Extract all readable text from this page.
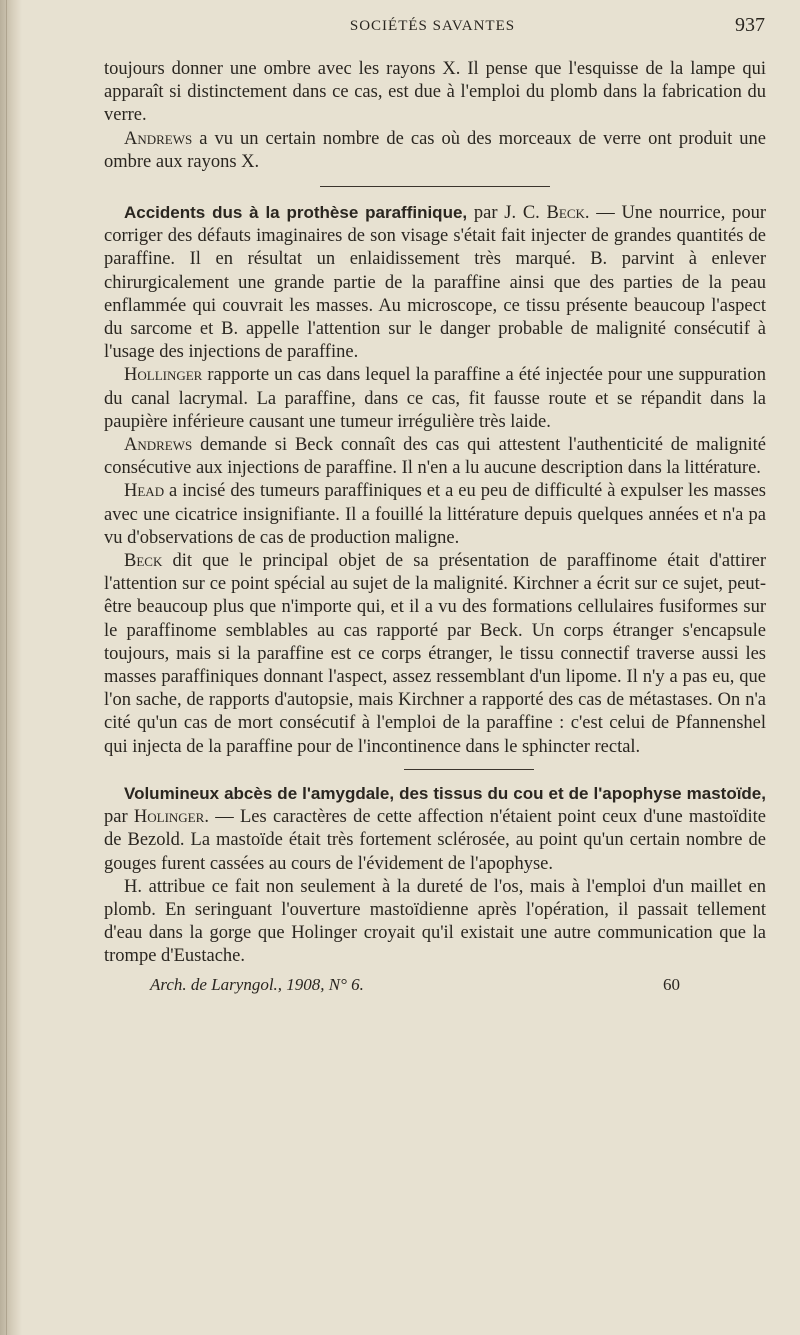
SOCIÉTÉS SAVANTES	937

toujours donner une ombre avec les rayons X. Il pense que l'esquisse de la lampe qui apparaît si distinctement dans ce cas, est due à l'emploi du plomb dans la fabrication du verre.

Andrews a vu un certain nombre de cas où des morceaux de verre ont produit une ombre aux rayons X.

Accidents dus à la prothèse paraffinique, par J. C. Beck. — Une nourrice, pour corriger des défauts imaginaires de son visage s'était fait injecter de grandes quantités de paraffine. Il en résultat un enlaidissement très marqué. B. parvint à enlever chirurgicalement une grande partie de la paraffine ainsi que des parties de la peau enflammée qui couvrait les masses. Au microscope, ce tissu présente beaucoup l'aspect du sarcome et B. appelle l'attention sur le danger probable de malignité consécutif à l'usage des injections de paraffine.

Hollinger rapporte un cas dans lequel la paraffine a été injectée pour une suppuration du canal lacrymal. La paraffine, dans ce cas, fit fausse route et se répandit dans la paupière inférieure causant une tumeur irrégulière très laide.

Andrews demande si Beck connaît des cas qui attestent l'authenticité de malignité consécutive aux injections de paraffine. Il n'en a lu aucune description dans la littérature.

Head a incisé des tumeurs paraffiniques et a eu peu de difficulté à expulser les masses avec une cicatrice insignifiante. Il a fouillé la littérature depuis quelques années et n'a pa vu d'observations de cas de production maligne.

Beck dit que le principal objet de sa présentation de paraffinome était d'attirer l'attention sur ce point spécial au sujet de la malignité. Kirchner a écrit sur ce sujet, peut-être beaucoup plus que n'importe qui, et il a vu des formations cellulaires fusiformes sur le paraffinome semblables au cas rapporté par Beck. Un corps étranger s'encapsule toujours, mais si la paraffine est ce corps étranger, le tissu connectif traverse aussi les masses paraffiniques donnant l'aspect, assez ressemblant d'un lipome. Il n'y a pas eu, que l'on sache, de rapports d'autopsie, mais Kirchner a rapporté des cas de métastases. On n'a cité qu'un cas de mort consécutif à l'emploi de la paraffine : c'est celui de Pfannenshel qui injecta de la paraffine pour de l'incontinence dans le sphincter rectal.

Volumineux abcès de l'amygdale, des tissus du cou et de l'apophyse mastoïde, par Holinger. — Les caractères de cette affection n'étaient point ceux d'une mastoïdite de Bezold. La mastoïde était très fortement sclérosée, au point qu'un certain nombre de gouges furent cassées au cours de l'évidement de l'apophyse.

H. attribue ce fait non seulement à la dureté de l'os, mais à l'emploi d'un maillet en plomb. En seringuant l'ouverture mastoïdienne après l'opération, il passait tellement d'eau dans la gorge que Holinger croyait qu'il existait une autre communication que la trompe d'Eustache.

Arch. de Laryngol., 1908, N° 6.	60
